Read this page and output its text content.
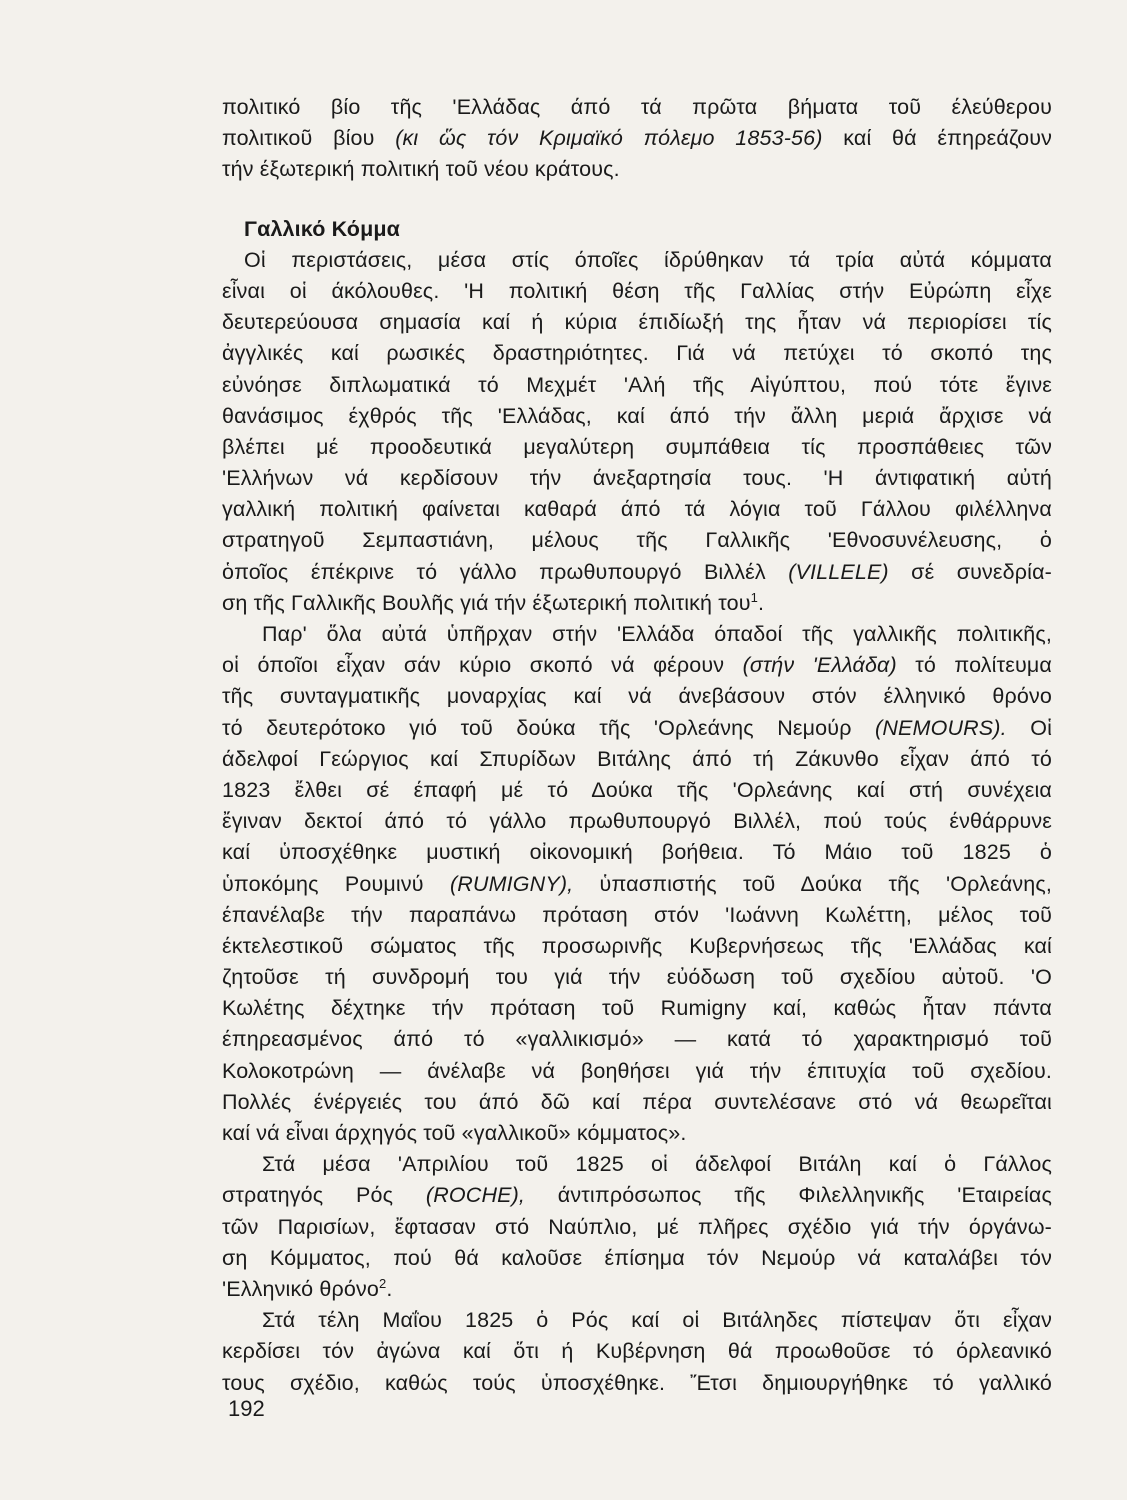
πολιτικό βίο τῆς 'Ελλάδας άπό τά πρῶτα βήματα τοῦ έλεύθερου
πολιτικοῦ βίου (κι ὥς τόν Κριμαϊκό πόλεμο 1853-56) καί θά έπηρεάζουν
τήν έξωτερική πολιτική τοῦ νέου κράτους.
Γαλλικό Κόμμα
Οἱ περιστάσεις, μέσα στίς όποῖες ίδρύθηκαν τά τρία αὐτά κόμματα
εἶναι οἱ άκόλουθες. 'Η πολιτική θέση τῆς Γαλλίας στήν Εὐρώπη εἶχε
δευτερεύουσα σημασία καί ή κύρια έπιδίωξή της ἦταν νά περιορίσει τίς
ἀγγλικές καί ρωσικές δραστηριότητες. Γιά νά πετύχει τό σκοπό της
εὐνόησε διπλωματικά τό Μεχμέτ 'Αλή τῆς Αἰγύπτου, πού τότε ἔγινε
θανάσιμος έχθρός τῆς 'Ελλάδας, καί άπό τήν ἄλλη μεριά ἄρχισε νά
βλέπει μέ προοδευτικά μεγαλύτερη συμπάθεια τίς προσπάθειες τῶν
'Ελλήνων νά κερδίσουν τήν άνεξαρτησία τους. 'Η άντιφατική αὐτή
γαλλική πολιτική φαίνεται καθαρά άπό τά λόγια τοῦ Γάλλου φιλέλληνα
στρατηγοῦ Σεμπαστιάνη, μέλους τῆς Γαλλικῆς 'Εθνοσυνέλευσης, ὁ
ὁποῖος έπέκρινε τό γάλλο πρωθυπουργό Βιλλέλ (VILLELE) σέ συνεδρία-
ση τῆς Γαλλικῆς Βουλῆς γιά τήν έξωτερική πολιτική του$^1$.
Παρ' ὅλα αὐτά ὑπῆρχαν στήν 'Ελλάδα όπαδοί τῆς γαλλικῆς πολιτικῆς,
οἱ όποῖοι εἶχαν σάν κύριο σκοπό νά φέρουν (στήν 'Ελλάδα) τό πολίτευμα
τῆς συνταγματικῆς μοναρχίας καί νά άνεβάσουν στόν έλληνικό θρόνο
τό δευτερότοκο γιό τοῦ δούκα τῆς 'Ορλεάνης Νεμούρ (NEMOURS). Οἱ
άδελφοί Γεώργιος καί Σπυρίδων Βιτάλης άπό τή Ζάκυνθο εἶχαν άπό τό
1823 ἔλθει σέ έπαφή μέ τό Δούκα τῆς 'Ορλεάνης καί στή συνέχεια
ἔγιναν δεκτοί άπό τό γάλλο πρωθυπουργό Βιλλέλ, πού τούς ένθάρρυνε
καί ὑποσχέθηκε μυστική οἰκονομική βοήθεια. Τό Μάιο τοῦ 1825 ὁ
ὑποκόμης Ρουμινύ (RUMIGNY), ὑπασπιστής τοῦ Δούκα τῆς 'Ορλεάνης,
έπανέλαβε τήν παραπάνω πρόταση στόν 'Ιωάννη Κωλέττη, μέλος τοῦ
έκτελεστικοῦ σώματος τῆς προσωρινῆς Κυβερνήσεως τῆς 'Ελλάδας καί
ζητοῦσε τή συνδρομή του γιά τήν εὐόδωση τοῦ σχεδίου αὐτοῦ. 'Ο
Κωλέτης δέχτηκε τήν πρόταση τοῦ Rumigny καί, καθώς ἦταν πάντα
έπηρεασμένος άπό τό «γαλλικισμό» — κατά τό χαρακτηρισμό τοῦ
Κολοκοτρώνη — άνέλαβε νά βοηθήσει γιά τήν έπιτυχία τοῦ σχεδίου.
Πολλές ένέργειές του άπό δῶ καί πέρα συντελέσανε στό νά θεωρεῖται
καί νά εἶναι άρχηγός τοῦ «γαλλικοῦ» κόμματος».
Στά μέσα 'Απριλίου τοῦ 1825 οἱ άδελφοί Βιτάλη καί ὁ Γάλλος
στρατηγός Ρός (ROCHE), άντιπρόσωπος τῆς Φιλελληνικῆς 'Εταιρείας
τῶν Παρισίων, ἔφτασαν στό Ναύπλιο, μέ πλῆρες σχέδιο γιά τήν όργάνω-
ση Κόμματος, πού θά καλοῦσε έπίσημα τόν Νεμούρ νά καταλάβει τόν
'Ελληνικό θρόνο$^2$.
Στά τέλη Μαΐου 1825 ὁ Ρός καί οἱ Βιτάληδες πίστεψαν ὅτι εἶχαν
κερδίσει τόν ἀγώνα καί ὅτι ή Κυβέρνηση θά προωθοῦσε τό όρλεανικό
τους σχέδιο, καθώς τούς ὑποσχέθηκε. Ἔτσι δημιουργήθηκε τό γαλλικό
192
